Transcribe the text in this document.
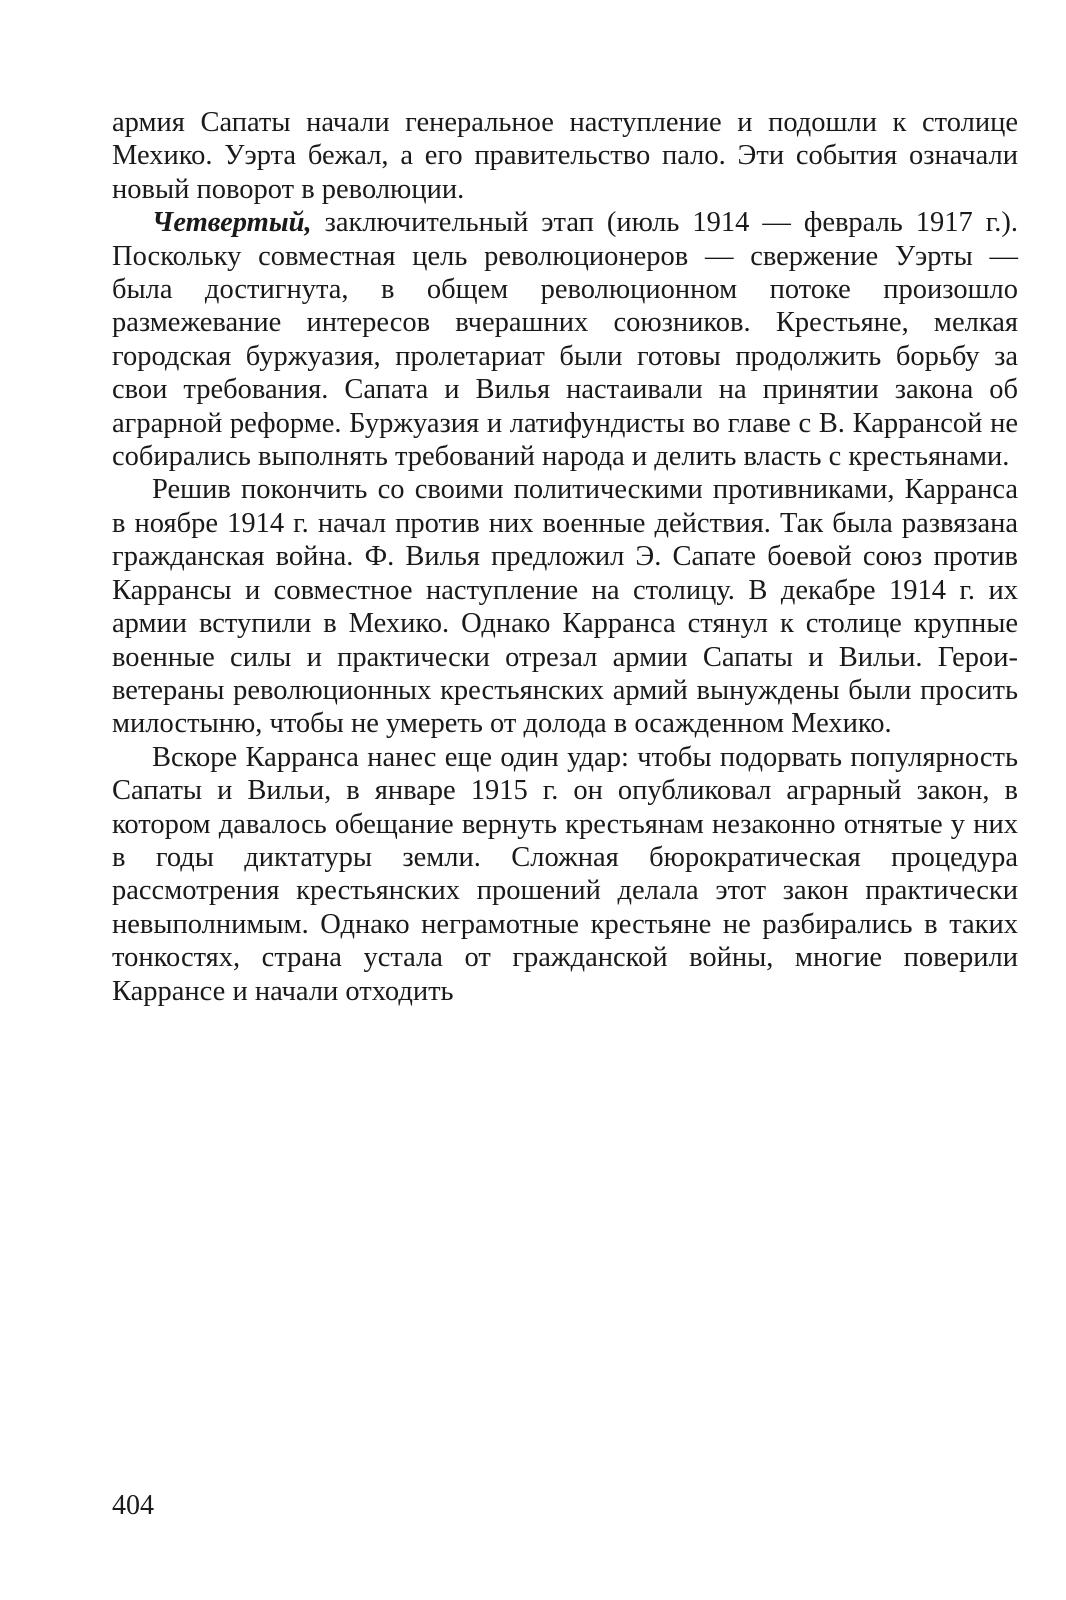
армия Сапаты начали генеральное наступление и подошли к столице Мехико. Уэрта бежал, а его правительство пало. Эти события означали новый поворот в революции.

Четвертый, заключительный этап (июль 1914 — февраль 1917 г.). Поскольку совместная цель революционеров — свержение Уэрты — была достигнута, в общем революционном потоке произошло размежевание интересов вчерашних союзников. Крестьяне, мелкая городская буржуазия, пролетариат были готовы продолжить борьбу за свои требования. Сапата и Вилья настаивали на принятии закона об аграрной реформе. Буржуазия и латифундисты во главе с В. Каррансой не собирались выполнять требований народа и делить власть с крестьянами.

Решив покончить со своими политическими противниками, Карранса в ноябре 1914 г. начал против них военные действия. Так была развязана гражданская война. Ф. Вилья предложил Э. Сапате боевой союз против Каррансы и совместное наступление на столицу. В декабре 1914 г. их армии вступили в Мехико. Однако Карранса стянул к столице крупные военные силы и практически отрезал армии Сапаты и Вильи. Герои-ветераны революционных крестьянских армий вынуждены были просить милостыню, чтобы не умереть от долода в осажденном Мехико.

Вскоре Карранса нанес еще один удар: чтобы подорвать популярность Сапаты и Вильи, в январе 1915 г. он опубликовал аграрный закон, в котором давалось обещание вернуть крестьянам незаконно отнятые у них в годы диктатуры земли. Сложная бюрократическая процедура рассмотрения крестьянских прошений делала этот закон практически невыполнимым. Однако неграмотные крестьяне не разбирались в таких тонкостях, страна устала от гражданской войны, многие поверили Каррансе и начали отходить

404
